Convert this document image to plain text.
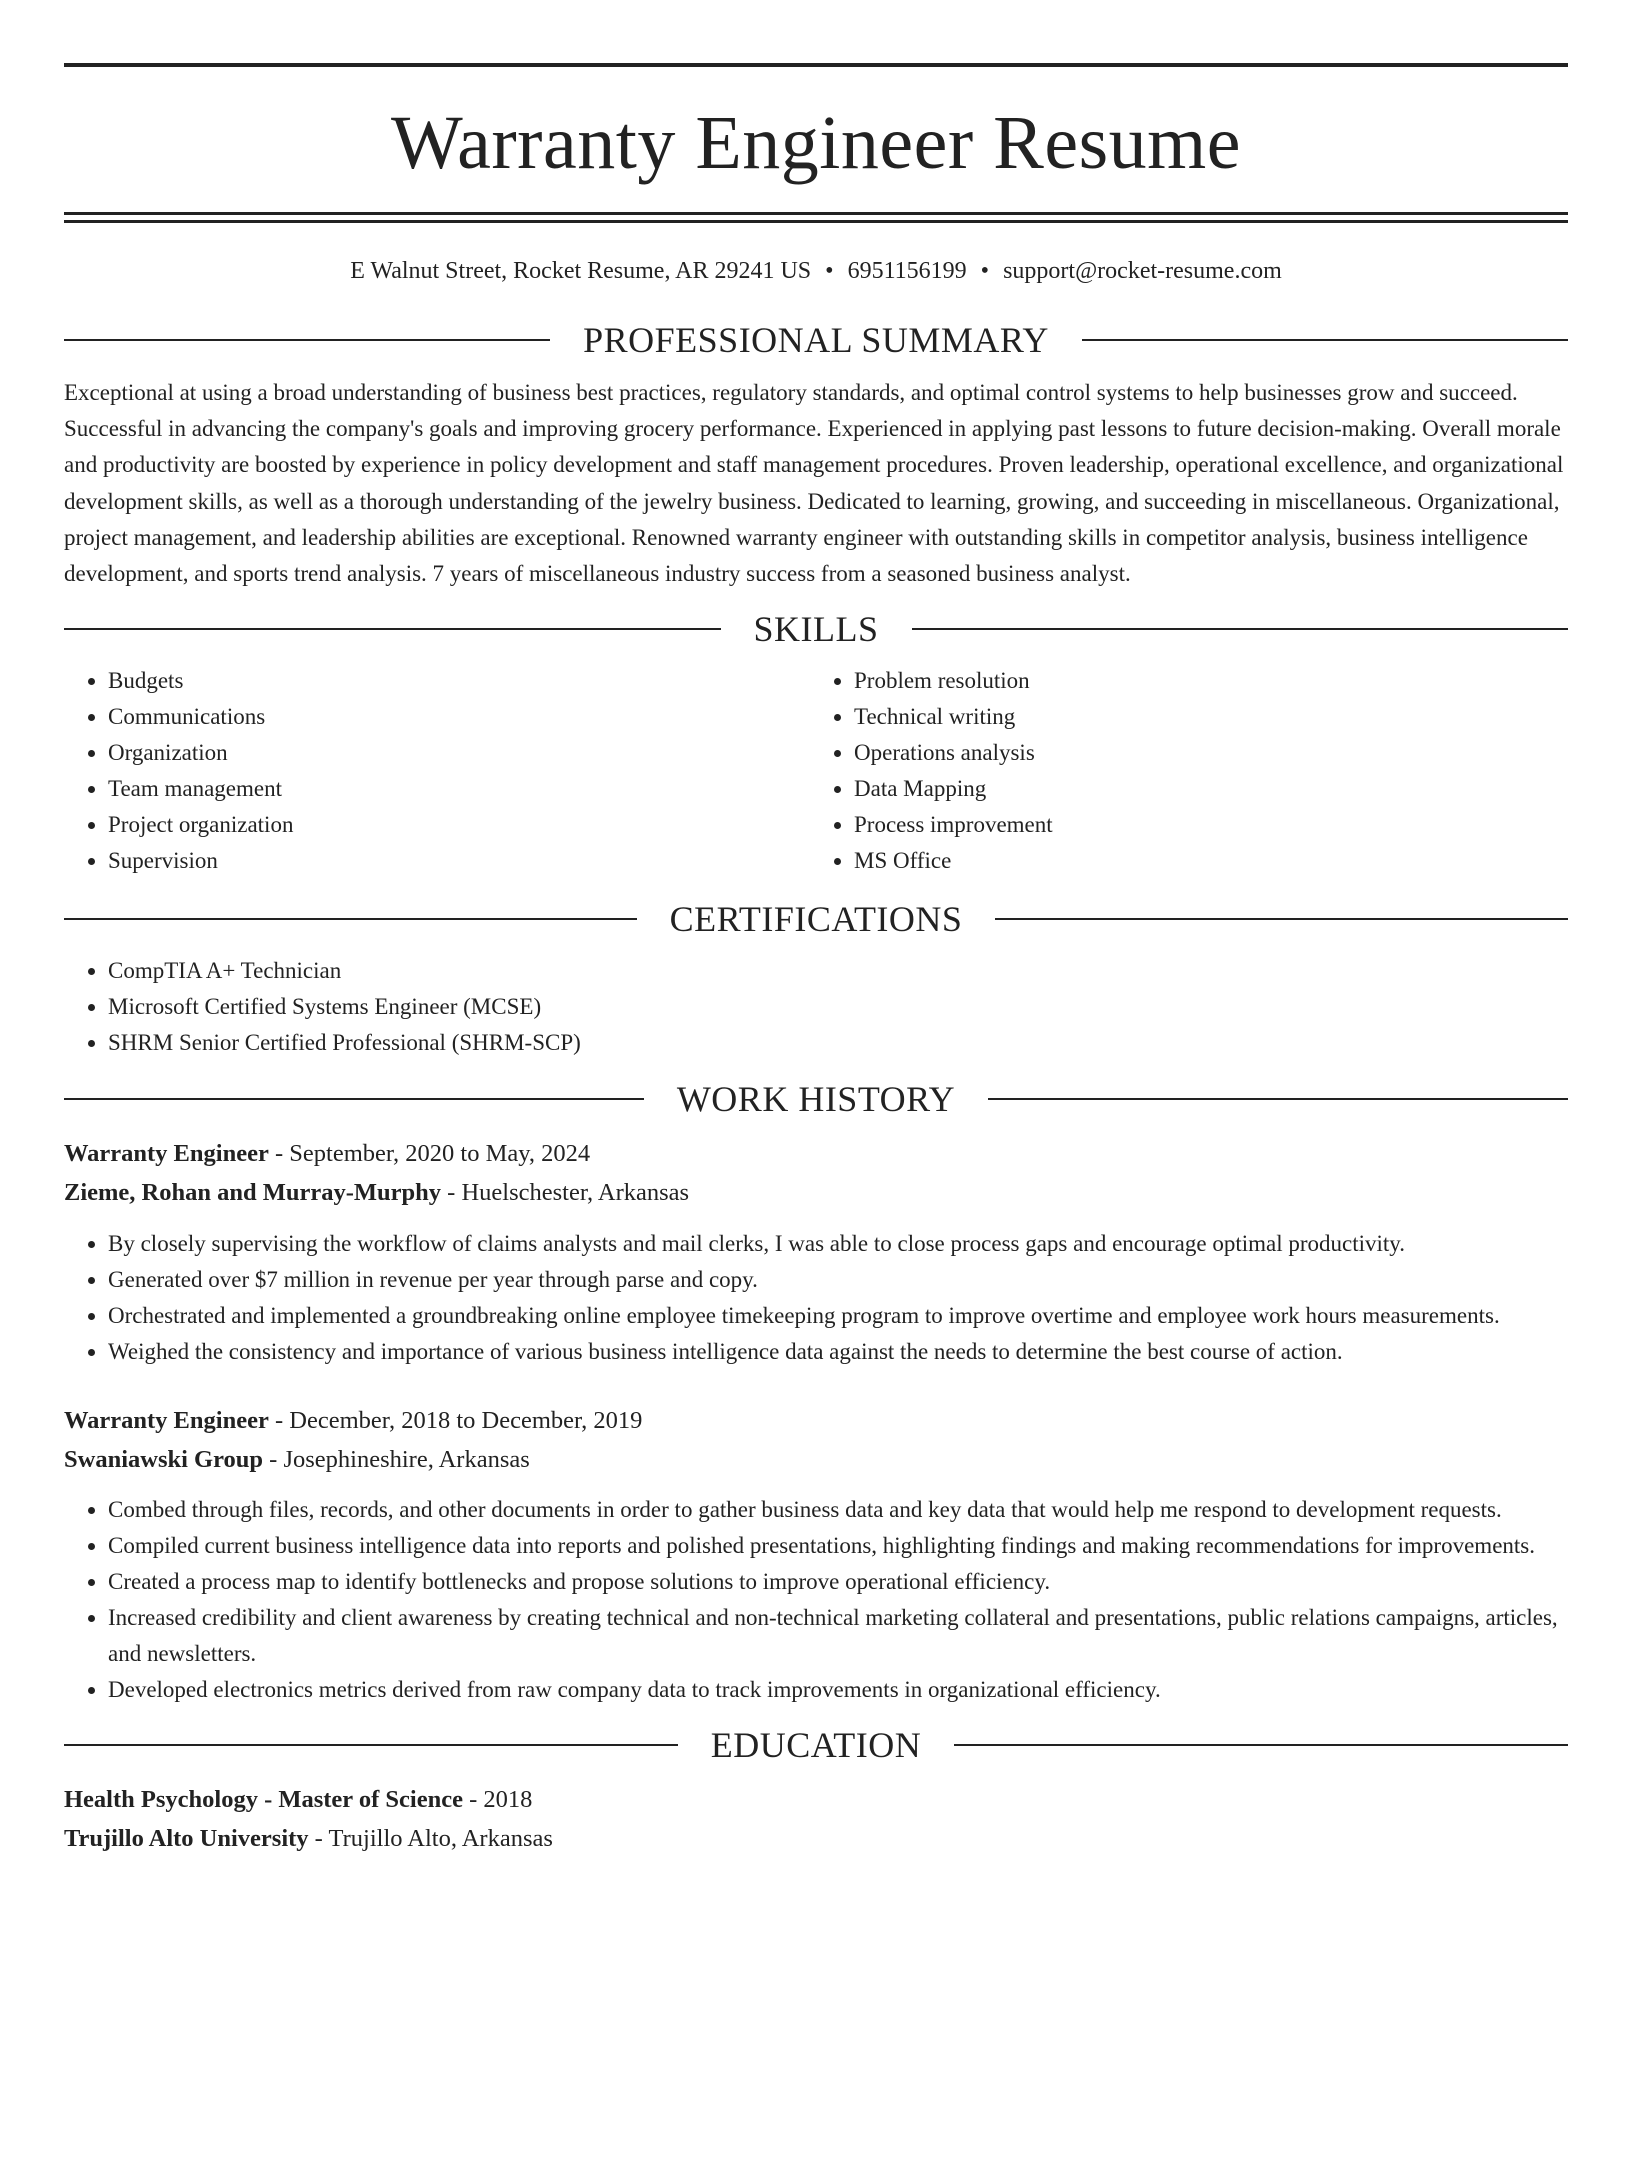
Warranty Engineer Resume
E Walnut Street, Rocket Resume, AR 29241 US • 6951156199 • support@rocket-resume.com
PROFESSIONAL SUMMARY

Exceptional at using a broad understanding of business best practices, regulatory standards, and optimal control systems to help businesses grow and succeed. Successful in advancing the company's goals and improving grocery performance. Experienced in applying past lessons to future decision-making. Overall morale and productivity are boosted by experience in policy development and staff management procedures. Proven leadership, operational excellence, and organizational development skills, as well as a thorough understanding of the jewelry business. Dedicated to learning, growing, and succeeding in miscellaneous. Organizational, project management, and leadership abilities are exceptional. Renowned warranty engineer with outstanding skills in competitor analysis, business intelligence development, and sports trend analysis. 7 years of miscellaneous industry success from a seasoned business analyst.

SKILLS
• Budgets
• Communications
• Organization
• Team management
• Project organization
• Supervision
• Problem resolution
• Technical writing
• Operations analysis
• Data Mapping
• Process improvement
• MS Office
CERTIFICATIONS
• CompTIA A+ Technician
• Microsoft Certified Systems Engineer (MCSE)
• SHRM Senior Certified Professional (SHRM-SCP)
WORK HISTORY
Warranty Engineer - September, 2020 to May, 2024
Zieme, Rohan and Murray-Murphy - Huelschester, Arkansas
• By closely supervising the workflow of claims analysts and mail clerks, I was able to close process gaps and encourage optimal productivity.
• Generated over $7 million in revenue per year through parse and copy.
• Orchestrated and implemented a groundbreaking online employee timekeeping program to improve overtime and employee work hours measurements.
• Weighed the consistency and importance of various business intelligence data against the needs to determine the best course of action.
Warranty Engineer - December, 2018 to December, 2019
Swaniawski Group - Josephineshire, Arkansas
• Combed through files, records, and other documents in order to gather business data and key data that would help me respond to development requests.
• Compiled current business intelligence data into reports and polished presentations, highlighting findings and making recommendations for improvements.
• Created a process map to identify bottlenecks and propose solutions to improve operational efficiency.
• Increased credibility and client awareness by creating technical and non-technical marketing collateral and presentations, public relations campaigns, articles, and newsletters.
• Developed electronics metrics derived from raw company data to track improvements in organizational efficiency.
EDUCATION
Health Psychology - Master of Science - 2018
Trujillo Alto University - Trujillo Alto, Arkansas
